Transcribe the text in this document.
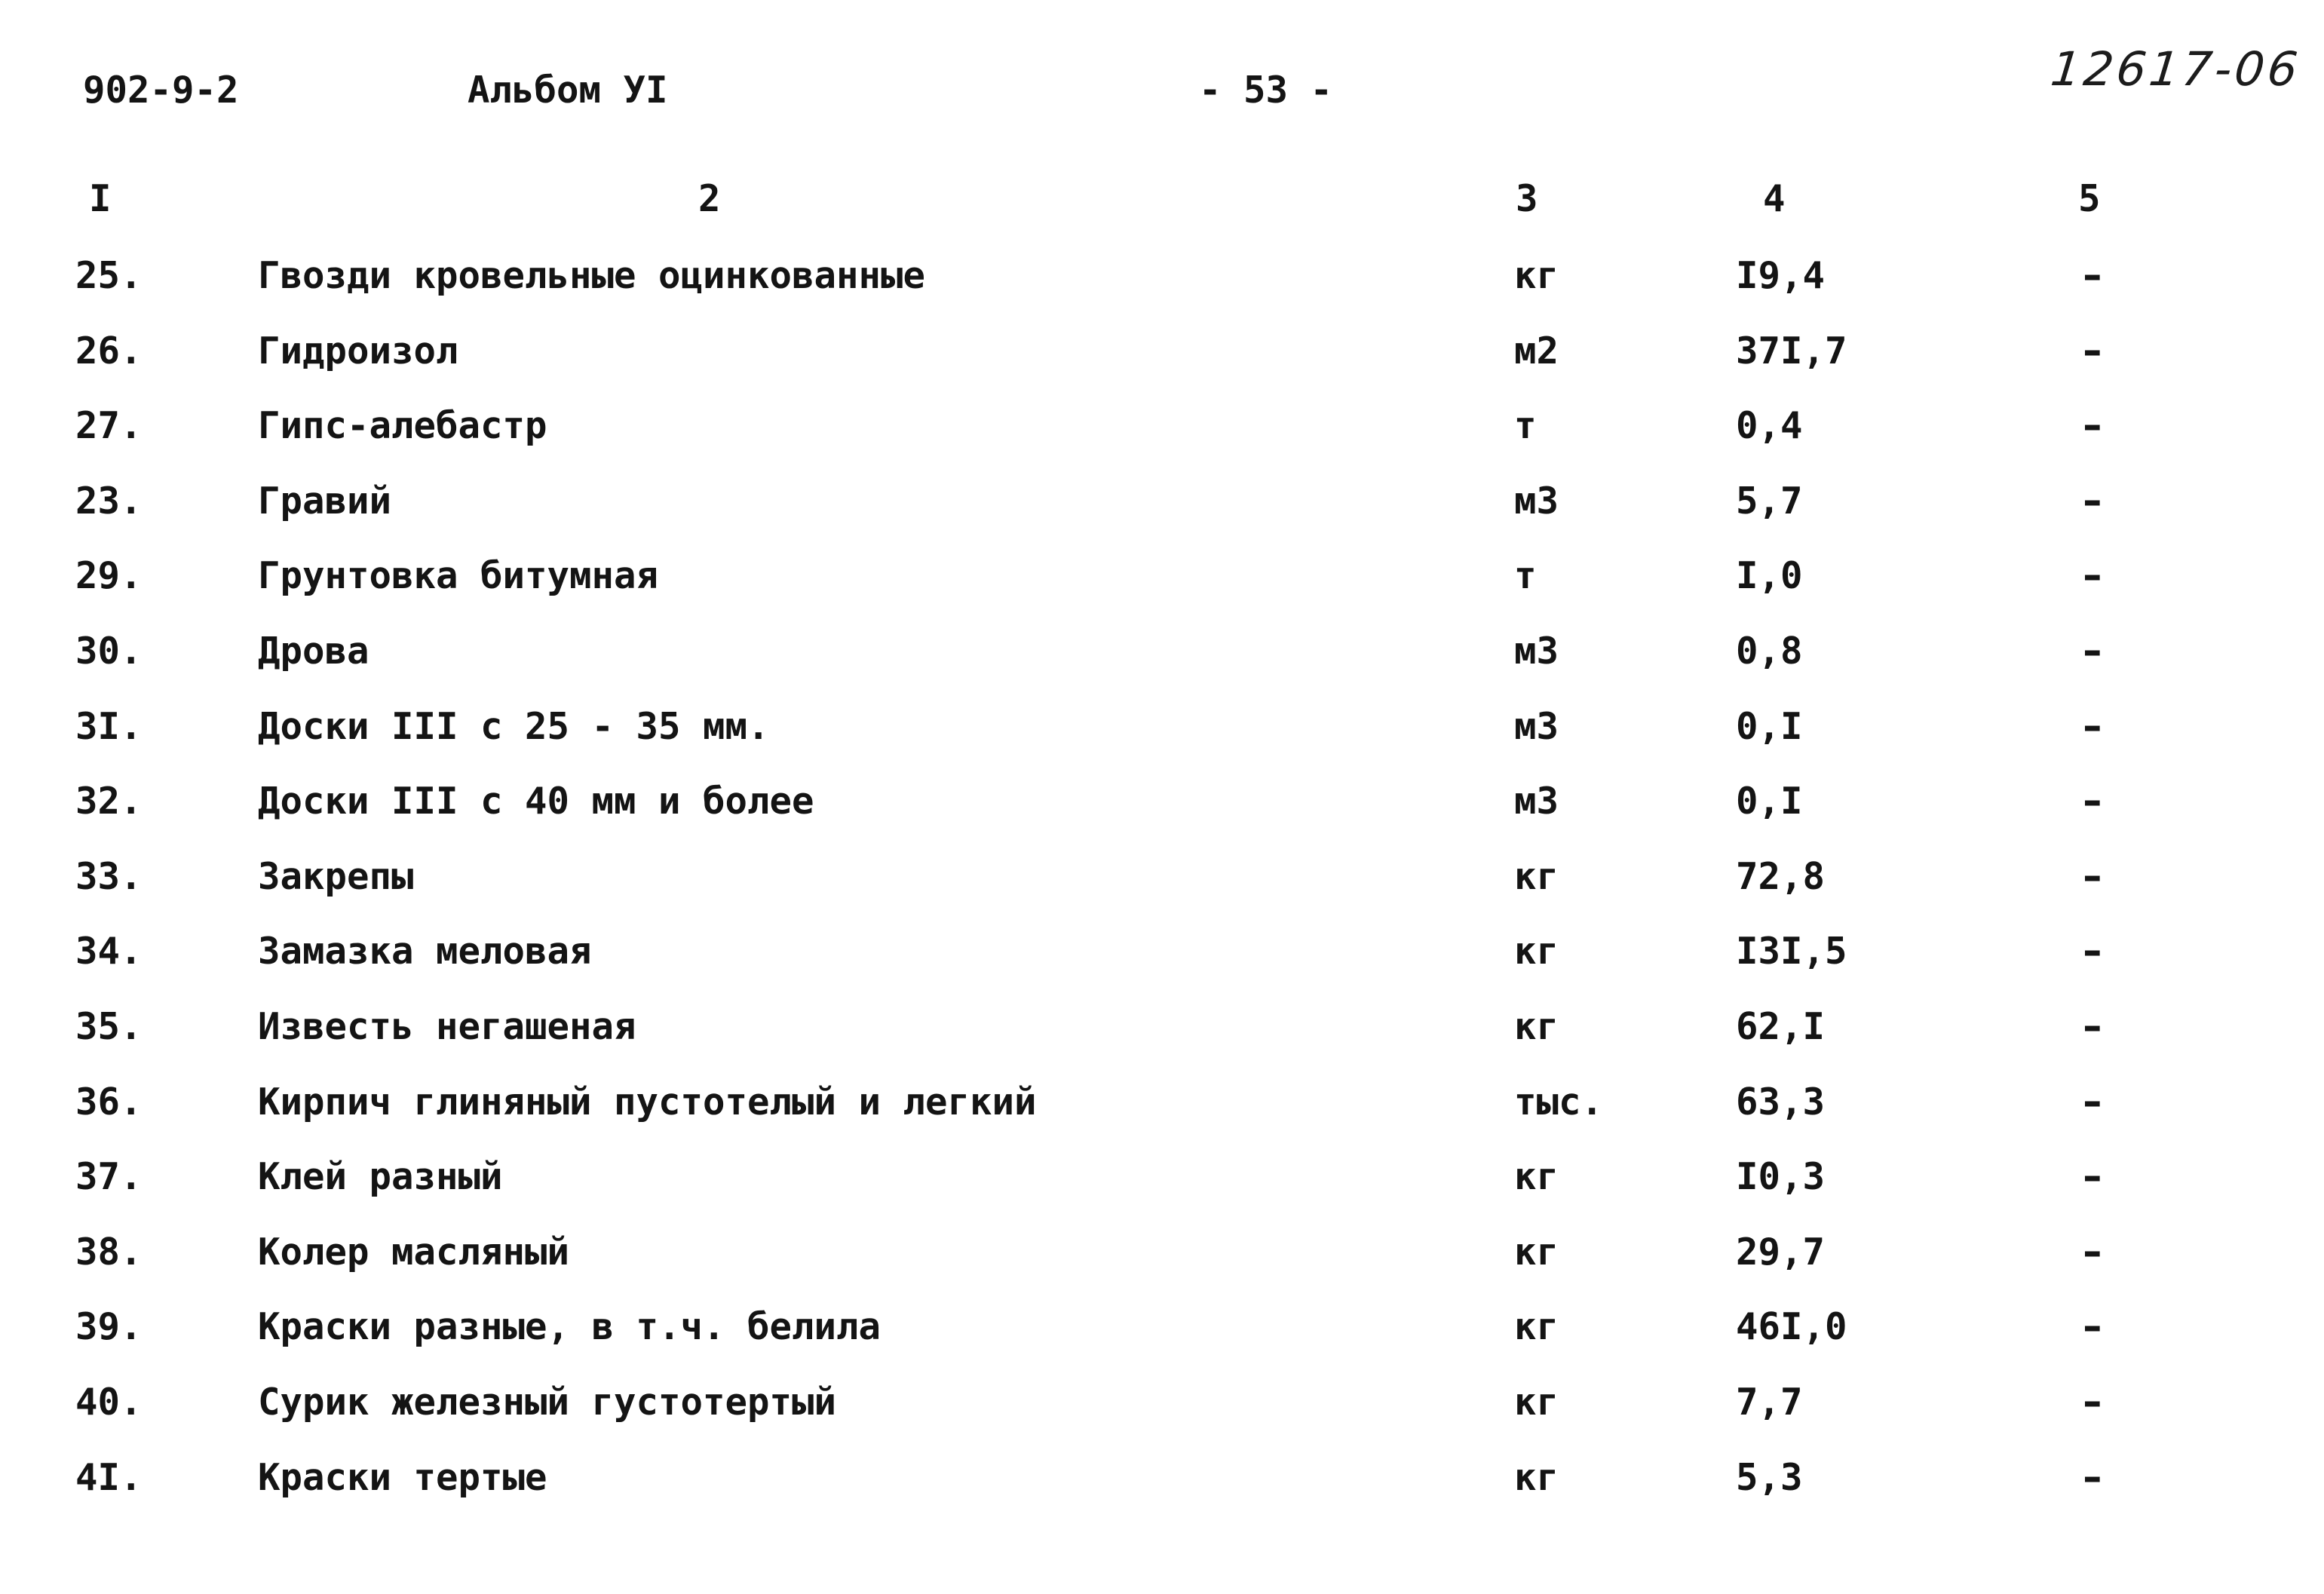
902-9-2	Альбом УI	- 53 -	12617-06
I	2	3	4	5
25.	Гвозди кровельные оцинкованные	кг	I9,4	-
26.	Гидроизол	м2	37I,7	-
27.	Гипс-алебастр	т	0,4	-
23.	Гравий	м3	5,7	-
29.	Грунтовка битумная	т	I,0	-
30.	Дрова	м3	0,8	-
3I.	Доски III с 25 - 35 мм.	м3	0,I	-
32.	Доски III с 40 мм и более	м3	0,I	-
33.	Закрепы	кг	72,8	-
34.	Замазка меловая	кг	I3I,5	-
35.	Известь негашеная	кг	62,I	-
36.	Кирпич глиняный пустотелый и легкий	тыс.	63,3	-
37.	Клей разный	кг	I0,3	-
38.	Колер масляный	кг	29,7	-
39.	Краски разные, в т.ч. белила	кг	46I,0	-
40.	Сурик железный густотертый	кг	7,7	-
4I.	Краски тертые	кг	5,3	-
